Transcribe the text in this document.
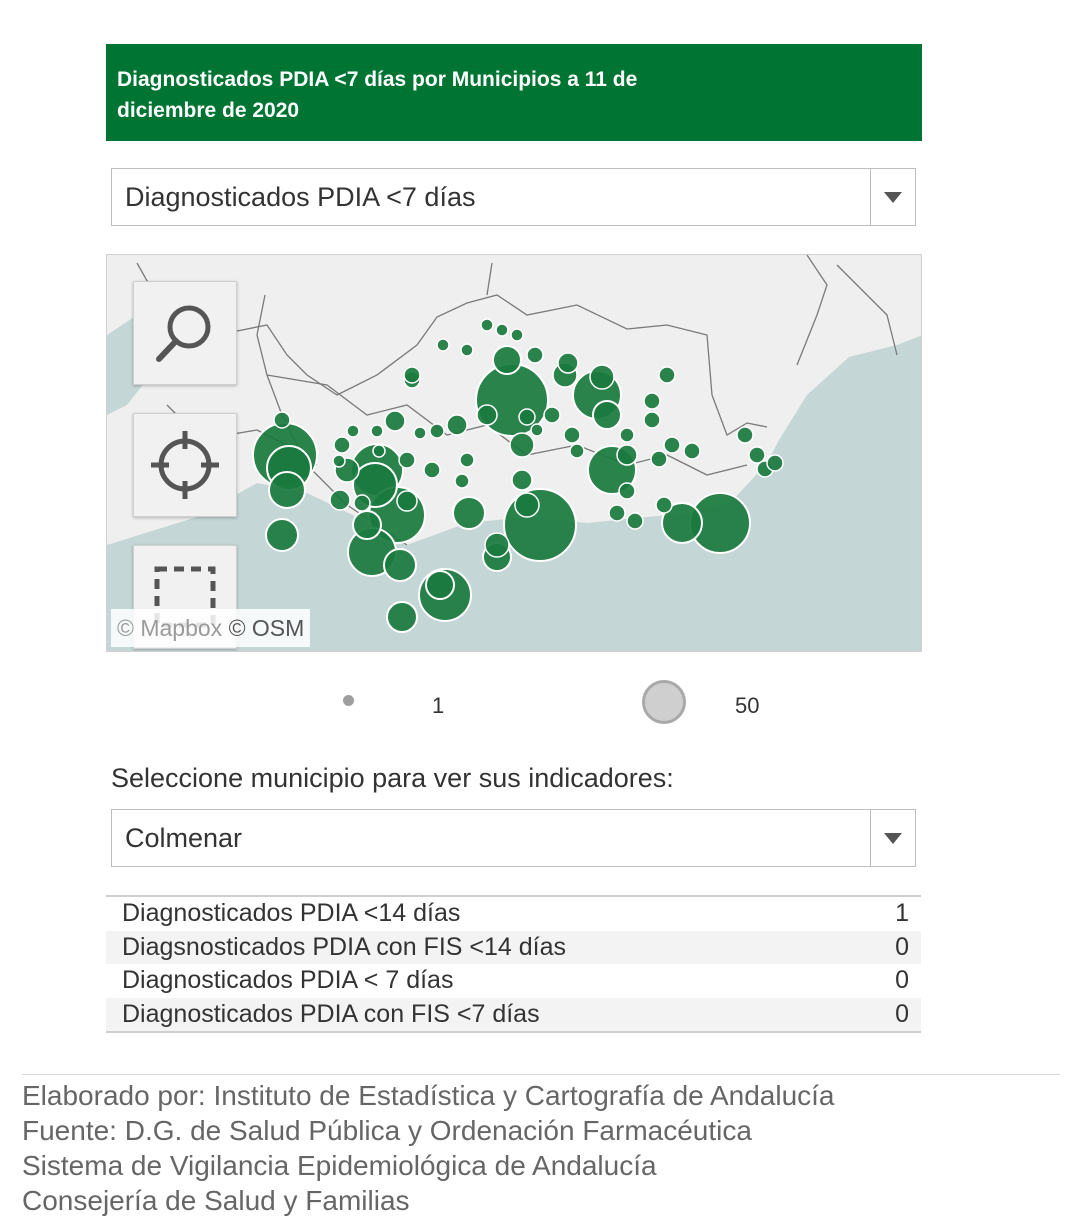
Diagnosticados PDIA <7 días por Municipios a 11 de
diciembre de 2020
Diagnosticados PDIA <7 días
© Mapbox © OSM
1	50
Seleccione municipio para ver sus indicadores:
Colmenar
Diagnosticados PDIA <14 días	1
Diagsnosticados PDIA con FIS <14 días	0
Diagnosticados PDIA < 7 días	0
Diagnosticados PDIA con FIS <7 días	0
Elaborado por: Instituto de Estadística y Cartografía de Andalucía
Fuente: D.G. de Salud Pública y Ordenación Farmacéutica
Sistema de Vigilancia Epidemiológica de Andalucía
Consejería de Salud y Familias
